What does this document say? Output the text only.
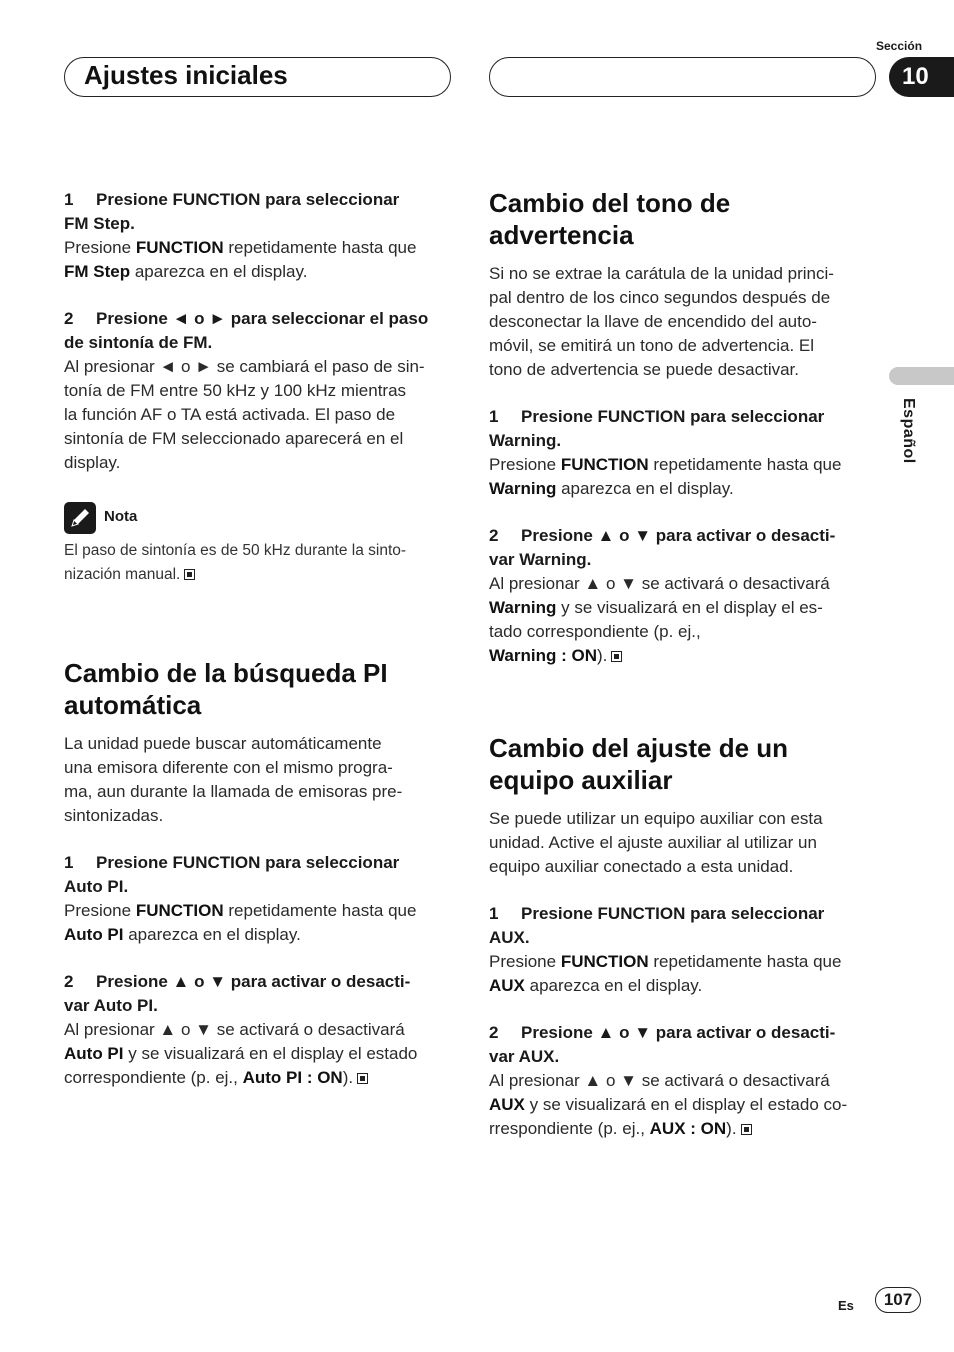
Ajustes iniciales
Sección
10
Español

1 Presione FUNCTION para seleccionar

FM Step.

Presione FUNCTION repetidamente hasta que

FM Step aparezca en el display.

2 Presione ◄ o ► para seleccionar el paso

de sintonía de FM.

Al presionar ◄ o ► se cambiará el paso de sin-

tonía de FM entre 50 kHz y 100 kHz mientras

la función AF o TA está activada. El paso de

sintonía de FM seleccionado aparecerá en el

display.

Nota
El paso de sintonía es de 50 kHz durante la sinto-
nización manual.
Cambio de la búsqueda PI
automática

La unidad puede buscar automáticamente

una emisora diferente con el mismo progra-

ma, aun durante la llamada de emisoras pre-

sintonizadas.

1 Presione FUNCTION para seleccionar

Auto PI.

Presione FUNCTION repetidamente hasta que

Auto PI aparezca en el display.

2 Presione ▲ o ▼ para activar o desacti-

var Auto PI.

Al presionar ▲ o ▼ se activará o desactivará

Auto PI y se visualizará en el display el estado

correspondiente (p. ej., Auto PI : ON).

Cambio del tono de
advertencia

Si no se extrae la carátula de la unidad princi-

pal dentro de los cinco segundos después de

desconectar la llave de encendido del auto-

móvil, se emitirá un tono de advertencia. El

tono de advertencia se puede desactivar.

1 Presione FUNCTION para seleccionar

Warning.

Presione FUNCTION repetidamente hasta que

Warning aparezca en el display.

2 Presione ▲ o ▼ para activar o desacti-

var Warning.

Al presionar ▲ o ▼ se activará o desactivará

Warning y se visualizará en el display el es-

tado correspondiente (p. ej.,

Warning : ON).

Cambio del ajuste de un
equipo auxiliar

Se puede utilizar un equipo auxiliar con esta

unidad. Active el ajuste auxiliar al utilizar un

equipo auxiliar conectado a esta unidad.

1 Presione FUNCTION para seleccionar

AUX.

Presione FUNCTION repetidamente hasta que

AUX aparezca en el display.

2 Presione ▲ o ▼ para activar o desacti-

var AUX.

Al presionar ▲ o ▼ se activará o desactivará

AUX y se visualizará en el display el estado co-

rrespondiente (p. ej., AUX : ON).

Es	107
